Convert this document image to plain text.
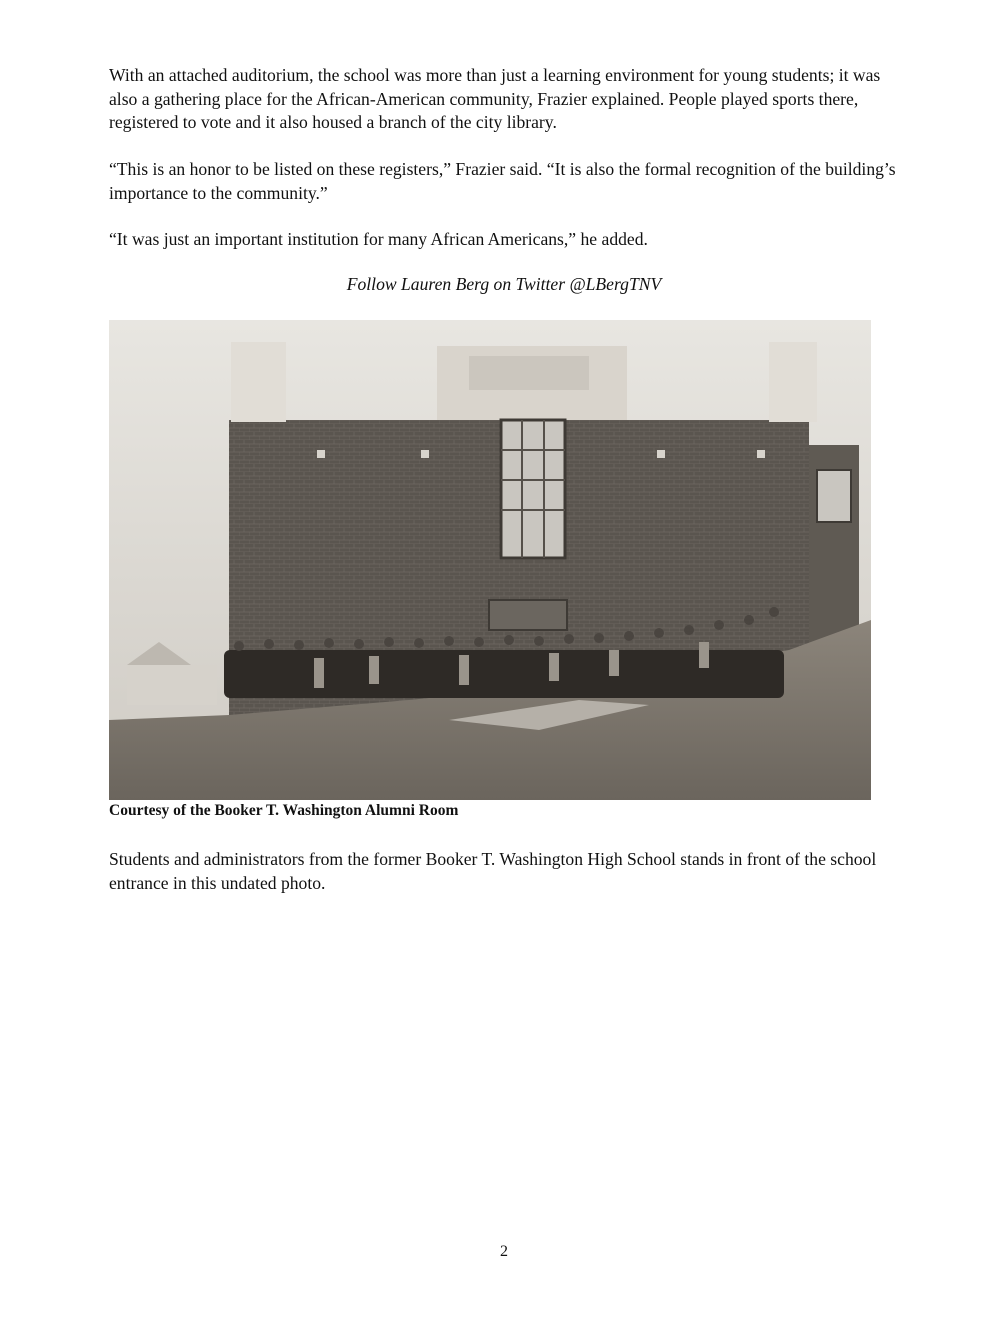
With an attached auditorium, the school was more than just a learning environment for young students; it was also a gathering place for the African-American community, Frazier explained. People played sports there, registered to vote and it also housed a branch of the city library.

“This is an honor to be listed on these registers,” Frazier said. “It is also the formal recognition of the building’s importance to the community.”

“It was just an important institution for many African Americans,” he added.

Follow Lauren Berg on Twitter @LBergTNV

Courtesy of the Booker T. Washington Alumni Room

Students and administrators from the former Booker T. Washington High School stands in front of the school entrance in this undated photo.

2
